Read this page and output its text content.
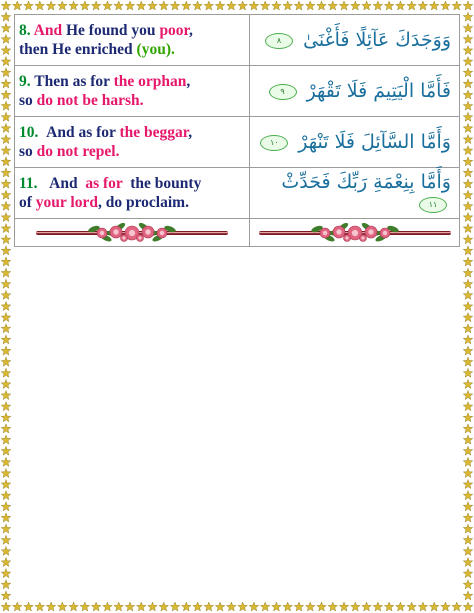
8. And He found you poor,
then He enriched (you).	وَوَجَدَكَ عَآئِلًا فَأَغْنَىٰ ٨
9. Then as for the orphan,
so do not be harsh.	فَأَمَّا الْيَتِيمَ فَلَا تَقْهَرْ ٩
10. And as for the beggar,
so do not repel.	وَأَمَّا السَّآئِلَ فَلَا تَنْهَرْ ١٠
11. And as for the bounty
of your lord, do proclaim.	وَأَمَّا بِنِعْمَةِ رَبِّكَ فَحَدِّثْ ١١
